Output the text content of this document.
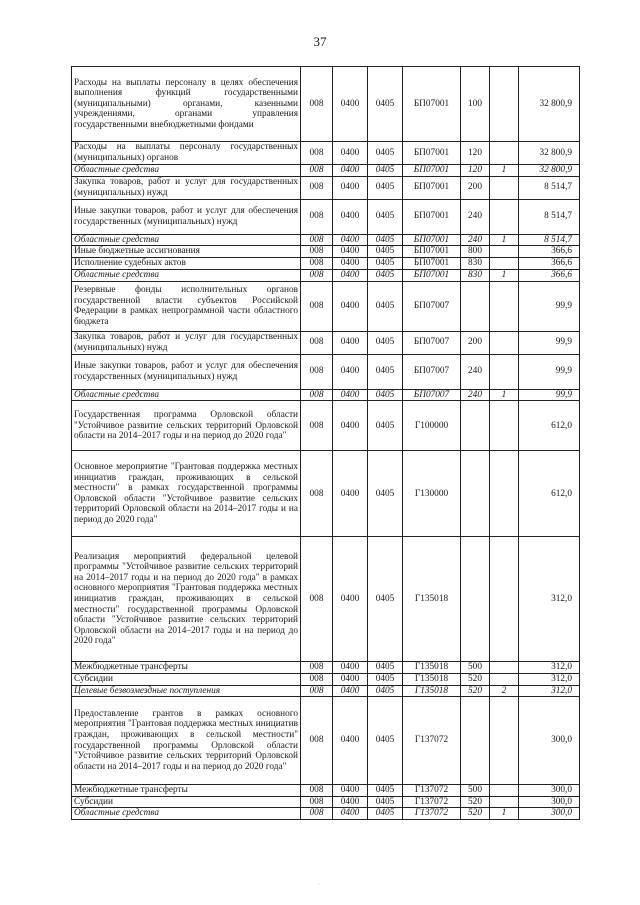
37
Расходы на выплаты персоналу в целях обеспечения выполнения функций государственными (муниципальными) органами, казенными учреждениями, органами управления государственными внебюджетными фондами	008	0400	0405	БП07001	100		32 800,9
Расходы на выплаты персоналу государственных (муниципальных) органов	008	0400	0405	БП07001	120		32 800,9
Областные средства	008	0400	0405	БП07001	120	1	32 800,9
Закупка товаров, работ и услуг для государственных (муниципальных) нужд	008	0400	0405	БП07001	200		8 514,7
Иные закупки товаров, работ и услуг для обеспечения государственных (муниципальных) нужд	008	0400	0405	БП07001	240		8 514,7
Областные средства	008	0400	0405	БП07001	240	1	8 514,7
Иные бюджетные ассигнования	008	0400	0405	БП07001	800		366,6
Исполнение судебных актов	008	0400	0405	БП07001	830		366,6
Областные средства	008	0400	0405	БП07001	830	1	366,6
Резервные фонды исполнительных органов государственной власти субъектов Российской Федерации в рамках непрограммной части областного бюджета	008	0400	0405	БП07007			99,9
Закупка товаров, работ и услуг для государственных (муниципальных) нужд	008	0400	0405	БП07007	200		99,9
Иные закупки товаров, работ и услуг для обеспечения государственных (муниципальных) нужд	008	0400	0405	БП07007	240		99,9
Областные средства	008	0400	0405	БП07007	240	1	99,9
Государственная программа Орловской области "Устойчивое развитие сельских территорий Орловской области на 2014–2017 годы и на период до 2020 года"	008	0400	0405	Г100000			612,0
Основное мероприятие "Грантовая поддержка местных инициатив граждан, проживающих в сельской местности" в рамках государственной программы Орловской области "Устойчивое развитие сельских территорий Орловской области на 2014–2017 годы и на период до 2020 года"	008	0400	0405	Г130000			612,0
Реализация мероприятий федеральной целевой программы "Устойчивое развитие сельских территорий на 2014–2017 годы и на период до 2020 года" в рамках основного мероприятия "Грантовая поддержка местных инициатив граждан, проживающих в сельской местности" государственной программы Орловской области "Устойчивое развитие сельских территорий Орловской области на 2014–2017 годы и на период до 2020 года"	008	0400	0405	Г135018			312,0
Межбюджетные трансферты	008	0400	0405	Г135018	500		312,0
Субсидии	008	0400	0405	Г135018	520		312,0
Целевые безвозмездные поступления	008	0400	0405	Г135018	520	2	312,0
Предоставление грантов в рамках основного мероприятия "Грантовая поддержка местных инициатив граждан, проживающих в сельской местности" государственной программы Орловской области "Устойчивое развитие сельских территорий Орловской области на 2014–2017 годы и на период до 2020 года"	008	0400	0405	Г137072			300,0
Межбюджетные трансферты	008	0400	0405	Г137072	500		300,0
Субсидии	008	0400	0405	Г137072	520		300,0
Областные средства	008	0400	0405	Г137072	520	1	300,0
·
